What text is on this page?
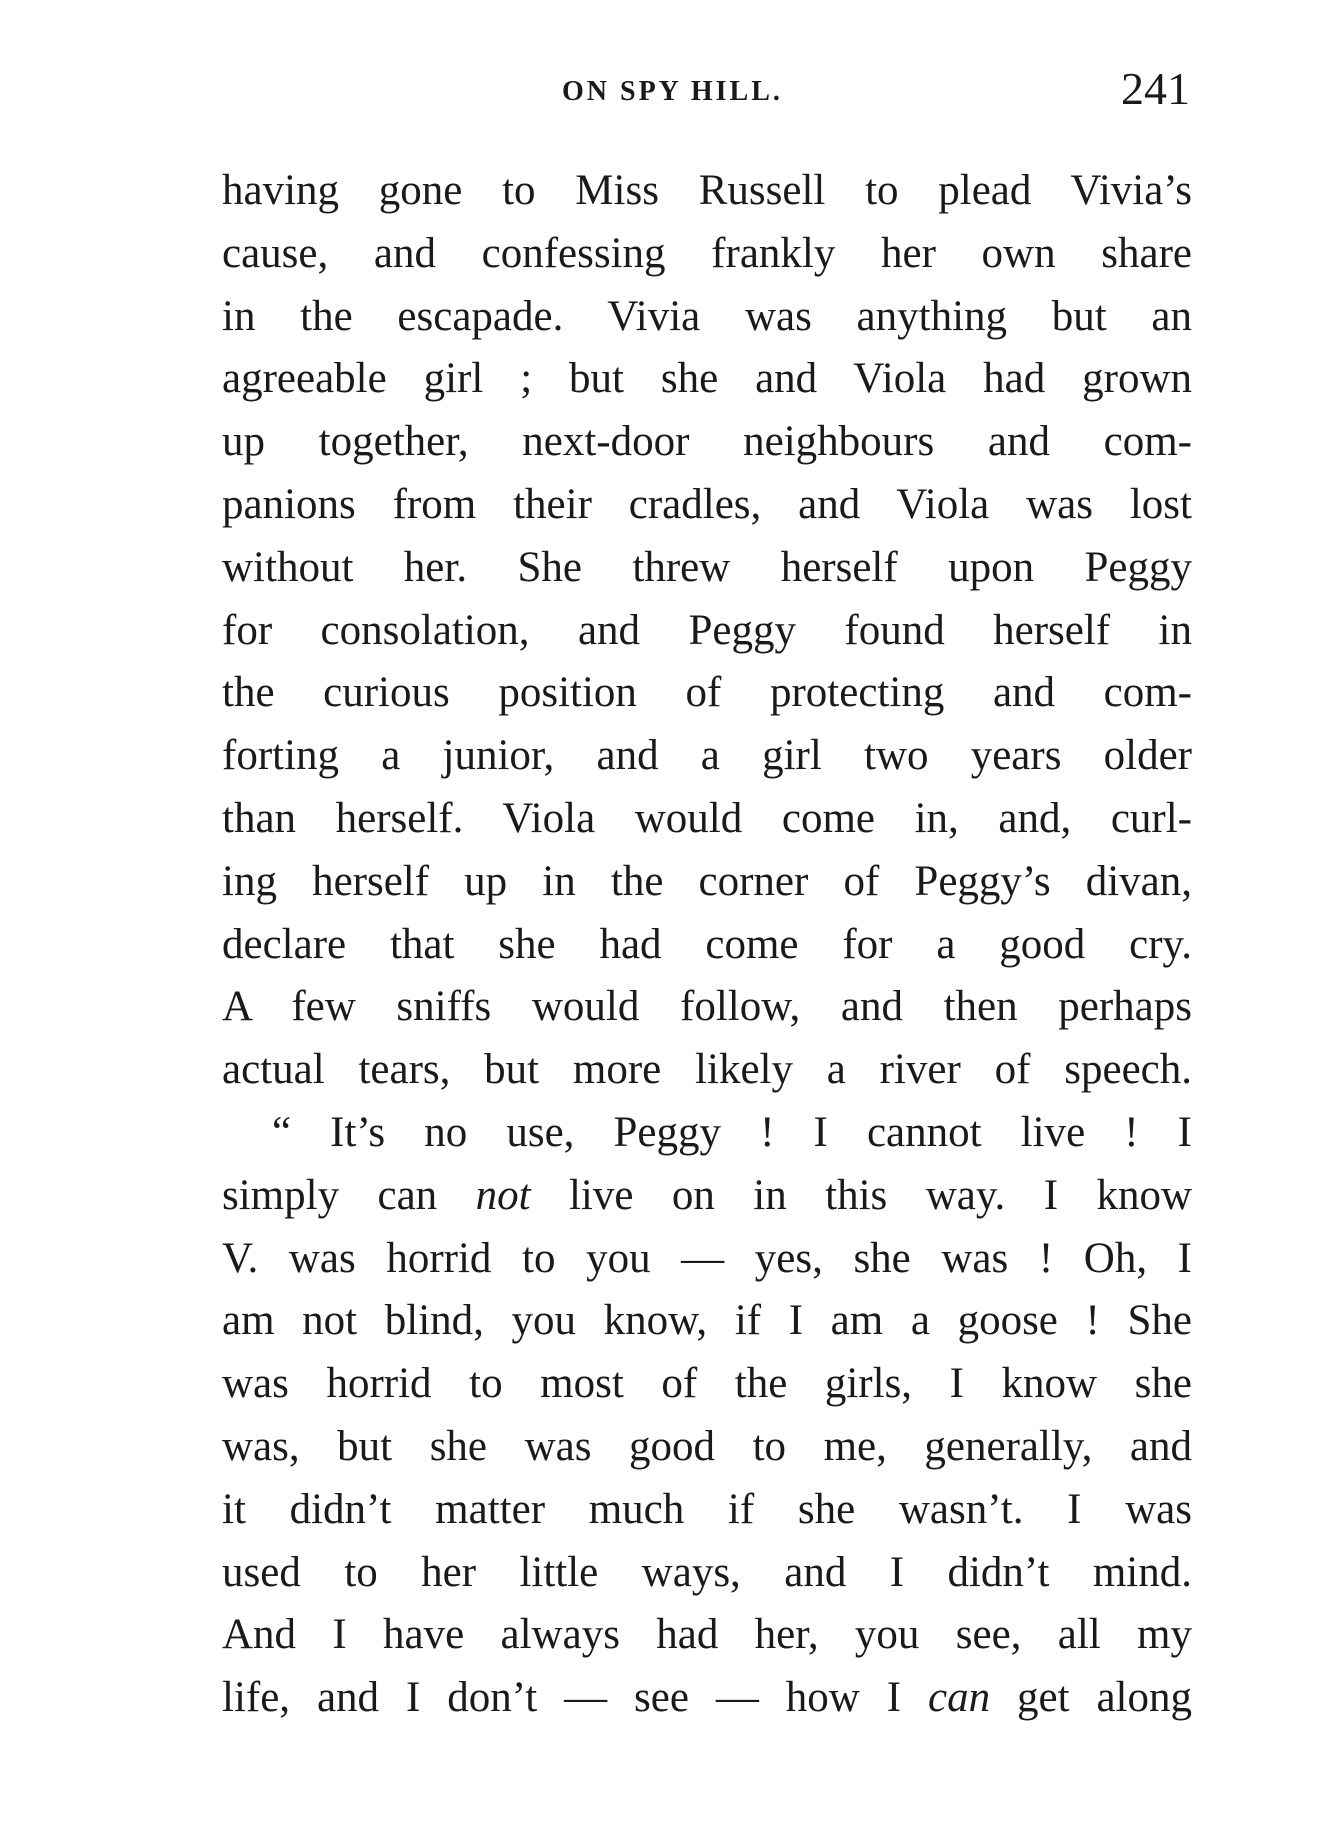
ON SPY HILL.	241
having gone to Miss Russell to plead Vivia’s
cause, and confessing frankly her own share
in the escapade. Vivia was anything but an
agreeable girl ; but she and Viola had grown
up together, next-door neighbours and com-
panions from their cradles, and Viola was lost
without her. She threw herself upon Peggy
for consolation, and Peggy found herself in
the curious position of protecting and com-
forting a junior, and a girl two years older
than herself. Viola would come in, and, curl-
ing herself up in the corner of Peggy’s divan,
declare that she had come for a good cry.
A few sniffs would follow, and then perhaps
actual tears, but more likely a river of speech.
“ It’s no use, Peggy ! I cannot live ! I
simply can not live on in this way. I know
V. was horrid to you — yes, she was ! Oh, I
am not blind, you know, if I am a goose ! She
was horrid to most of the girls, I know she
was, but she was good to me, generally, and
it didn’t matter much if she wasn’t. I was
used to her little ways, and I didn’t mind.
And I have always had her, you see, all my
life, and I don’t — see — how I can get along
